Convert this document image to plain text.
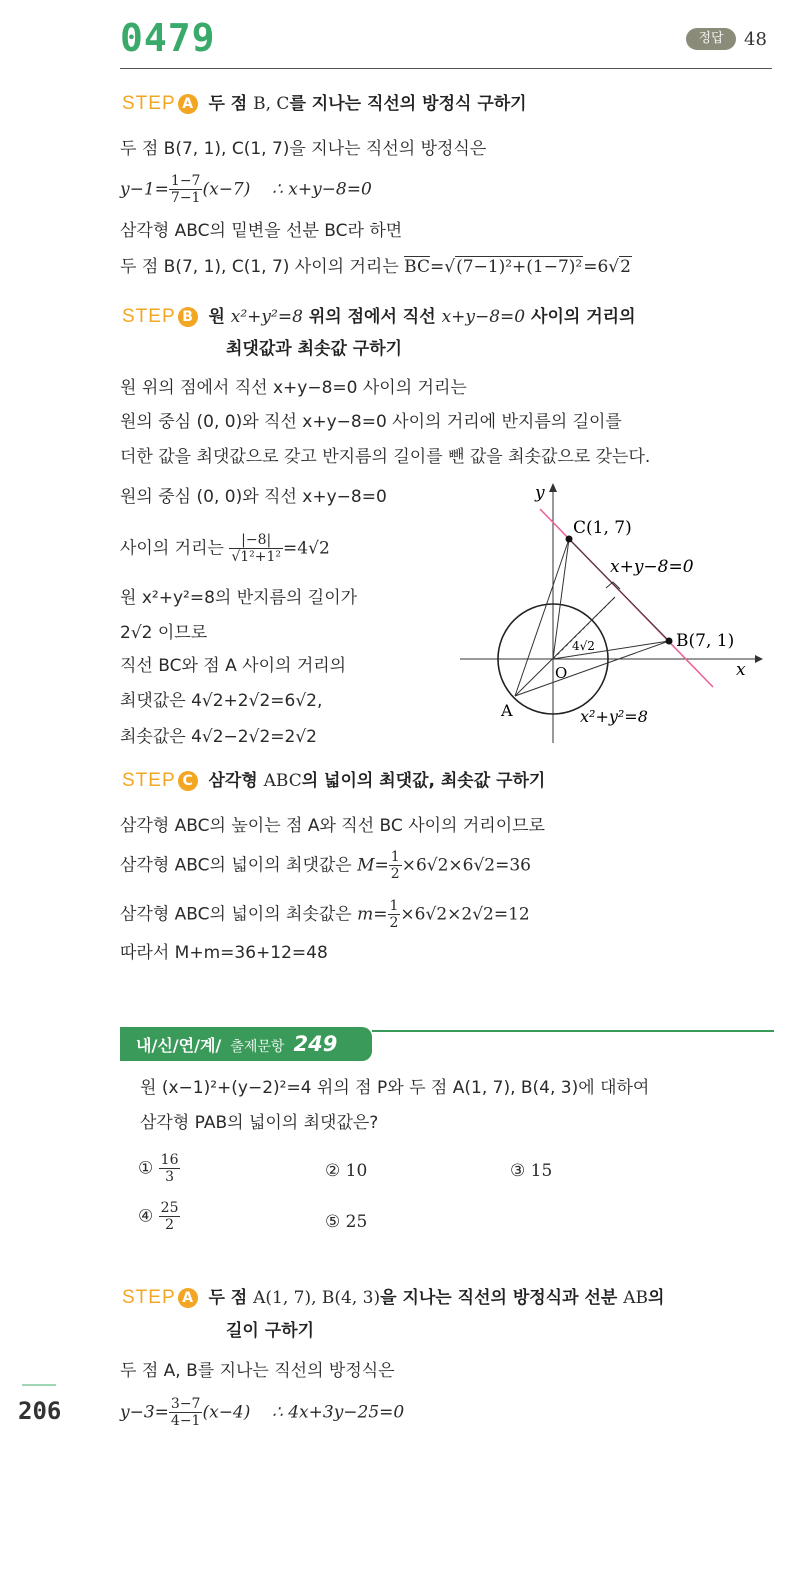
0479	정답	48
STEP A 두 점 B, C를 지나는 직선의 방정식 구하기
두 점 B(7, 1), C(1, 7)을 지나는 직선의 방정식은
$y-1= \frac{1-7}{7-1} (x-7)$ ∴ x+y−8=0
삼각형 ABC의 밑변을 선분 BC라 하면
두 점 B(7, 1), C(1, 7) 사이의 거리는 BC=√(7−1)²+(1−7)²=6√2
STEP B 원 x²+y²=8 위의 점에서 직선 x+y−8=0 사이의 거리의
최댓값과 최솟값 구하기
원 위의 점에서 직선 x+y−8=0 사이의 거리는
원의 중심 (0, 0)와 직선 x+y−8=0 사이의 거리에 반지름의 길이를
더한 값을 최댓값으로 갖고 반지름의 길이를 뺀 값을 최솟값으로 갖는다.
원의 중심 (0, 0)와 직선 x+y−8=0
사이의 거리는 $\frac{|-8|}{\text{√1²+1²}} =4√2$
원 x²+y²=8의 반지름의 길이가
2√2 이므로
직선 BC와 점 A 사이의 거리의
최댓값은 4√2+2√2=6√2,
최솟값은 4√2−2√2=2√2
y
x
O
C(1, 7)
B(7, 1)
A
x+y−8=0
x²+y²=8
4√2
STEP C 삼각형 ABC의 넓이의 최댓값, 최솟값 구하기
삼각형 ABC의 높이는 점 A와 직선 BC 사이의 거리이므로
삼각형 ABC의 넓이의 최댓값은 $M= \frac{1}{2} \times 6√2\times 6√2=36$
삼각형 ABC의 넓이의 최솟값은 $m= \frac{1}{2} \times 6√2\times 2√2=12$
따라서 M+m=36+12=48
내/신/연/계/ 출제문항 249
원 (x−1)²+(y−2)²=4 위의 점 P와 두 점 A(1, 7), B(4, 3)에 대하여
삼각형 PAB의 넓이의 최댓값은?
① $\frac{16}{3}$	② 10	③ 15
④ $\frac{25}{2}$	⑤ 25
STEP A 두 점 A(1, 7), B(4, 3)을 지나는 직선의 방정식과 선분 AB의
길이 구하기
두 점 A, B를 지나는 직선의 방정식은
$y-3= \frac{3-7}{4-1} (x-4)$ ∴ 4x+3y−25=0
206
